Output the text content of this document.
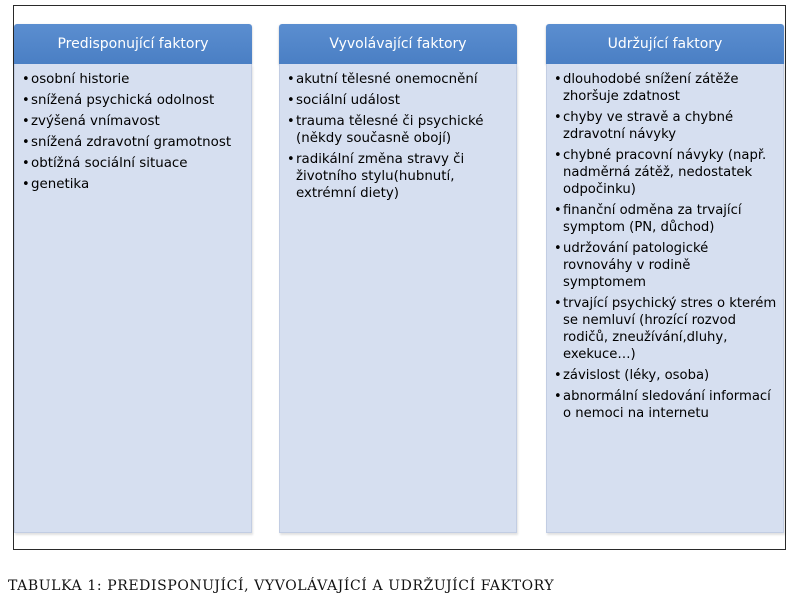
Predisponující faktory
• osobní historie
• snížená psychická odolnost
• zvýšená vnímavost
• snížená zdravotní gramotnost
• obtížná sociální situace
• genetika
Vyvolávající faktory
• akutní tělesné onemocnění
• sociální událost
• trauma tělesné či psychické (někdy současně obojí)
• radikální změna stravy či životního stylu(hubnutí, extrémní diety)
Udržující faktory
• dlouhodobé snížení zátěže zhoršuje zdatnost
• chyby ve stravě a chybné zdravotní návyky
• chybné pracovní návyky (např. nadměrná zátěž, nedostatek odpočinku)
• finanční odměna za trvající symptom (PN, důchod)
• udržování patologické rovnováhy v rodině symptomem
• trvající psychický stres o kterém se nemluví (hrozící rozvod rodičů, zneužívání,dluhy, exekuce…)
• závislost (léky, osoba)
• abnormální sledování informací o nemoci na internetu
TABULKA 1: PREDISPONUJÍCÍ, VYVOLÁVAJÍCÍ A UDRŽUJÍCÍ FAKTORY
